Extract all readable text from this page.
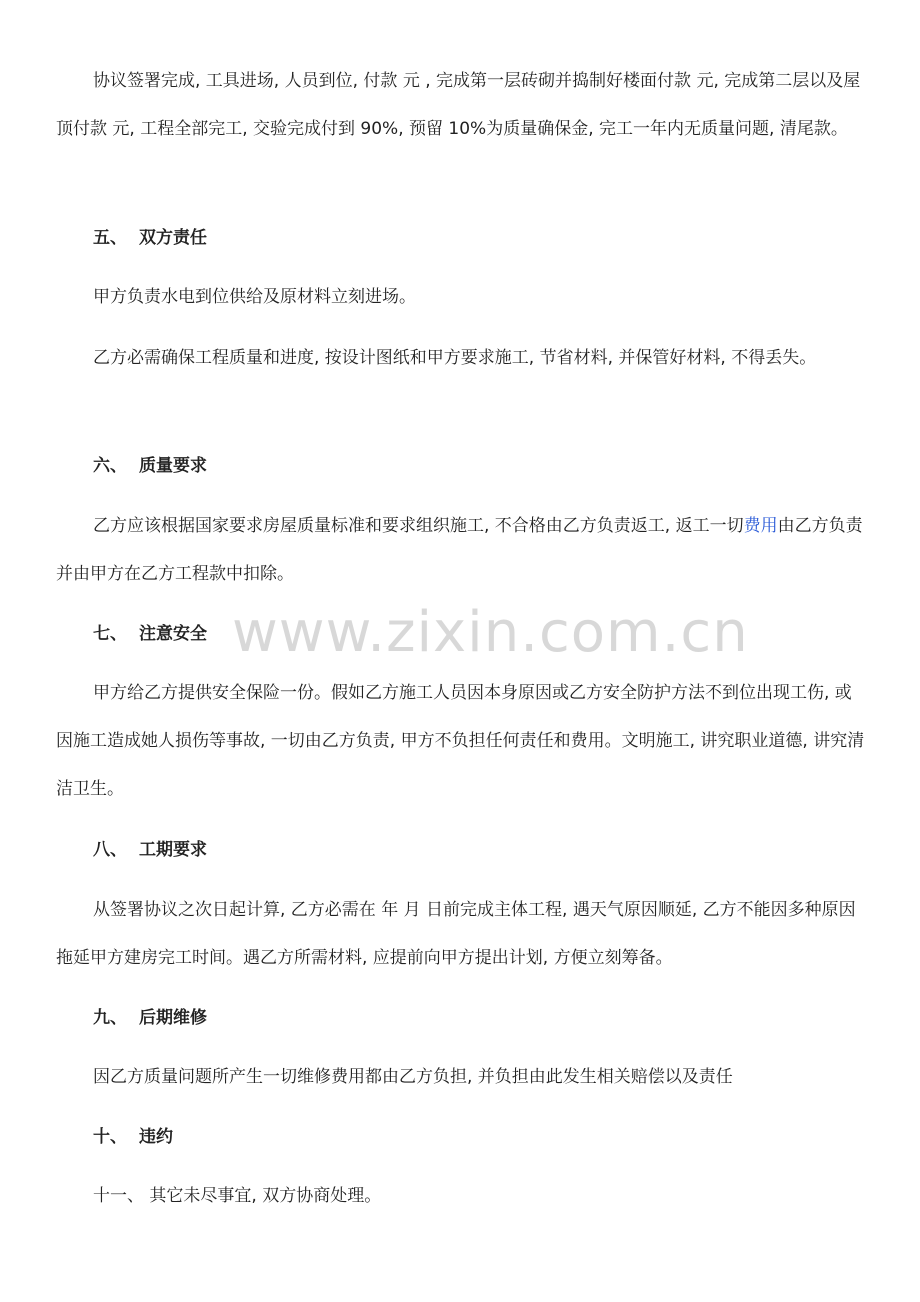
协议签署完成, 工具进场, 人员到位, 付款 元 , 完成第一层砖砌并捣制好楼面付款 元, 完成第二层以及屋顶付款 元, 工程全部完工, 交验完成付到 90%, 预留 10%为质量确保金, 完工一年内无质量问题, 清尾款。

五、 双方责任

甲方负责水电到位供给及原材料立刻进场。

乙方必需确保工程质量和进度, 按设计图纸和甲方要求施工, 节省材料, 并保管好材料, 不得丢失。

六、 质量要求

乙方应该根据国家要求房屋质量标准和要求组织施工, 不合格由乙方负责返工, 返工一切费用由乙方负责并由甲方在乙方工程款中扣除。

七、 注意安全

甲方给乙方提供安全保险一份。假如乙方施工人员因本身原因或乙方安全防护方法不到位出现工伤, 或因施工造成她人损伤等事故, 一切由乙方负责, 甲方不负担任何责任和费用。文明施工, 讲究职业道德, 讲究清洁卫生。

八、 工期要求

从签署协议之次日起计算, 乙方必需在 年 月 日前完成主体工程, 遇天气原因顺延, 乙方不能因多种原因拖延甲方建房完工时间。遇乙方所需材料, 应提前向甲方提出计划, 方便立刻筹备。

九、 后期维修

因乙方质量问题所产生一切维修费用都由乙方负担, 并负担由此发生相关赔偿以及责任

十、 违约

十一、 其它未尽事宜, 双方协商处理。

www.zixin.com.cn
